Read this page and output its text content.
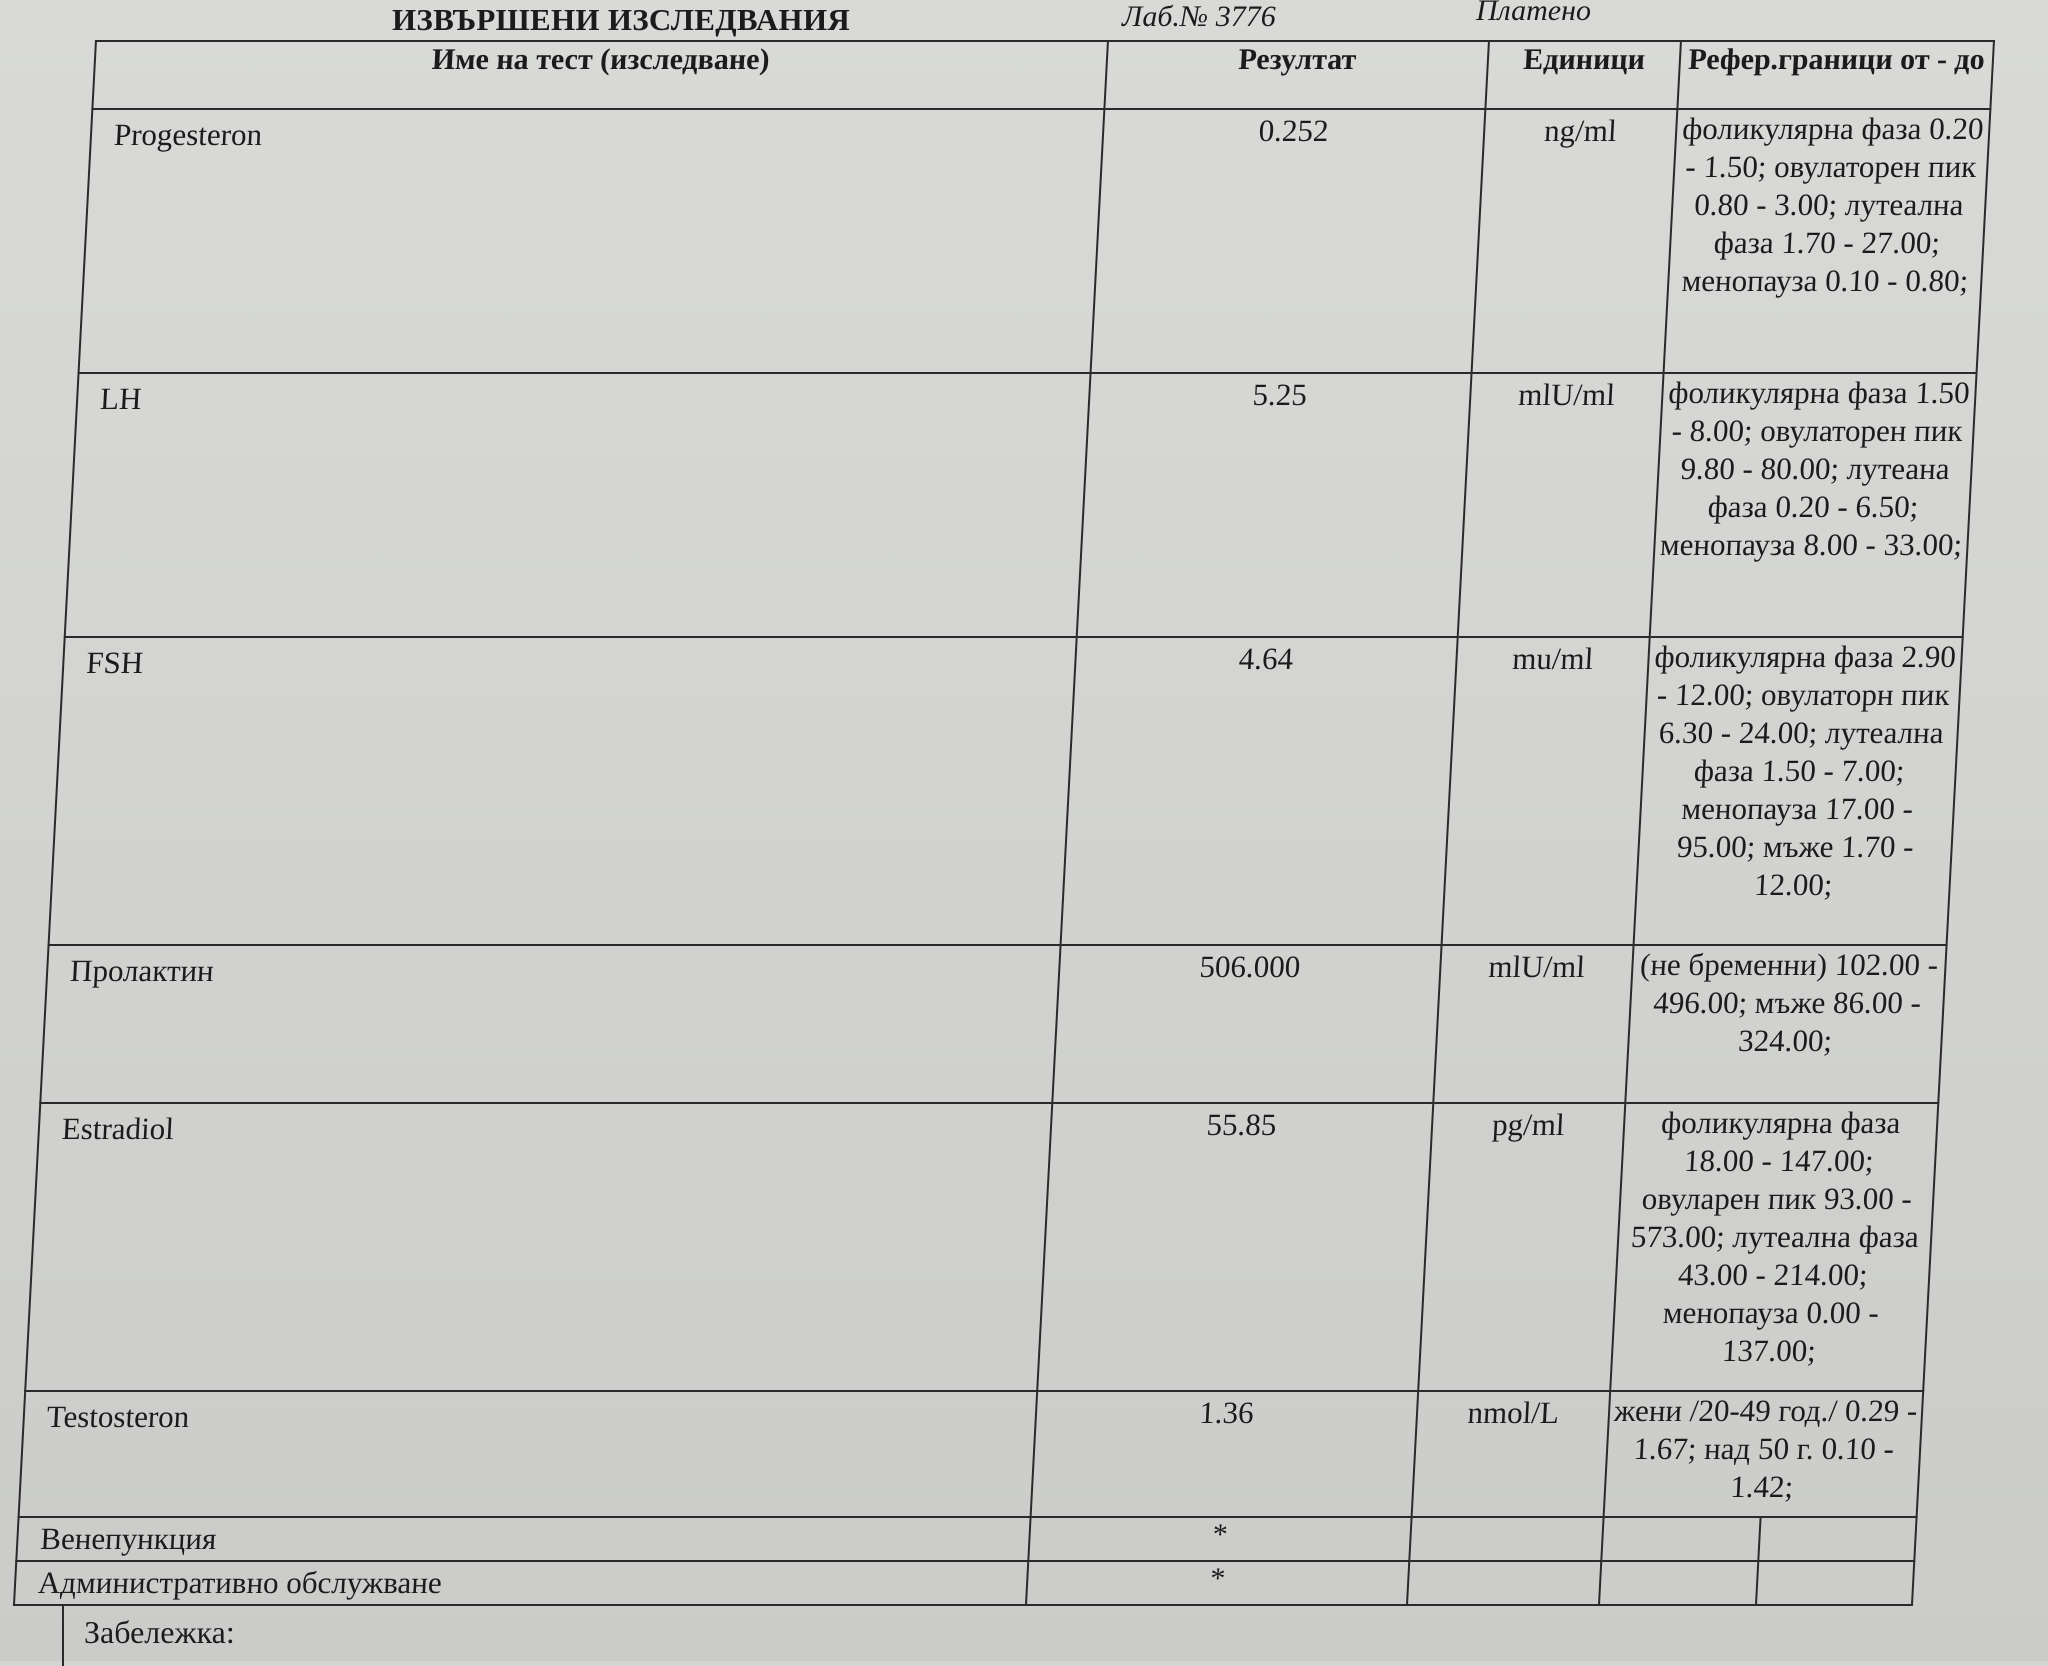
ИЗВЪРШЕНИ ИЗСЛЕДВАНИЯ	Лаб.№ 3776	Платено
Име на тест (изследване)	Резултат	Единици	Рефер.граници от - до

Progesteron	0.252	ng/ml	фоликулярна фаза 0.20 - 1.50; овулаторен пик 0.80 - 3.00; лутеална фаза 1.70 - 27.00; менопауза 0.10 - 0.80;

LH	5.25	mlU/ml	фоликулярна фаза 1.50 - 8.00; овулаторен пик 9.80 - 80.00; лутеана фаза 0.20 - 6.50; менопауза 8.00 - 33.00;

FSH	4.64	mu/ml	фоликулярна фаза 2.90 - 12.00; овулаторн пик 6.30 - 24.00; лутеална фаза 1.50 - 7.00; менопауза 17.00 - 95.00; мъже 1.70 - 12.00;

Пролактин	506.000	mlU/ml	(не бременни) 102.00 - 496.00; мъже 86.00 - 324.00;

Estradiol	55.85	pg/ml	фоликулярна фаза 18.00 - 147.00; овуларен пик 93.00 - 573.00; лутеална фаза 43.00 - 214.00; менопауза 0.00 - 137.00;

Testosteron	1.36	nmol/L	жени /20-49 год./ 0.29 - 1.67; над 50 г. 0.10 - 1.42;

Венепункция	*		

Административно обслужване	*		

Забележка:
